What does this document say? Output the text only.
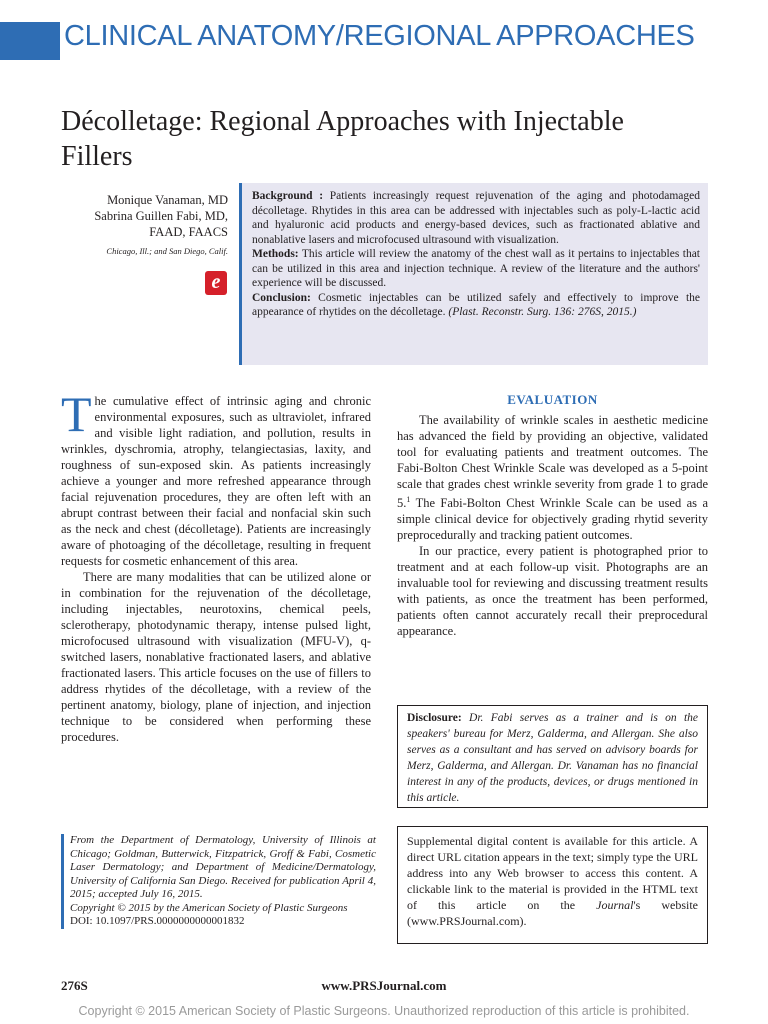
CLINICAL ANATOMY/REGIONAL APPROACHES
Décolletage: Regional Approaches with Injectable Fillers
Monique Vanaman, MD
Sabrina Guillen Fabi, MD,
FAAD, FAACS
Chicago, Ill.; and San Diego, Calif.
e

Background : Patients increasingly request rejuvenation of the aging and photodamaged décolletage. Rhytides in this area can be addressed with injectables such as poly-L-lactic acid and hyaluronic acid products and energy-based devices, such as fractionated ablative and nonablative lasers and microfocused ultrasound with visualization.

Methods: This article will review the anatomy of the chest wall as it pertains to injectables that can be utilized in this area and injection technique. A review of the literature and the authors' experience will be discussed.

Conclusion: Cosmetic injectables can be utilized safely and effectively to improve the appearance of rhytides on the décolletage. (Plast. Reconstr. Surg. 136: 276S, 2015.)

The cumulative effect of intrinsic aging and chronic environmental exposures, such as ultraviolet, infrared and visible light radiation, and pollution, results in wrinkles, dyschromia, atrophy, telangiectasias, laxity, and roughness of sun-exposed skin. As patients increasingly achieve a younger and more refreshed appearance through facial rejuvenation procedures, they are often left with an abrupt contrast between their facial and nonfacial skin such as the neck and chest (décolletage). Patients are increasingly aware of photoaging of the décolletage, resulting in frequent requests for cosmetic enhancement of this area.

There are many modalities that can be utilized alone or in combination for the rejuvenation of the décolletage, including injectables, neurotoxins, chemical peels, sclerotherapy, photodynamic therapy, intense pulsed light, microfocused ultrasound with visualization (MFU-V), q-switched lasers, nonablative fractionated lasers, and ablative fractionated lasers. This article focuses on the use of fillers to address rhytides of the décolletage, with a review of the pertinent anatomy, biology, plane of injection, and injection technique to be considered when performing these procedures.

EVALUATION

The availability of wrinkle scales in aesthetic medicine has advanced the field by providing an objective, validated tool for evaluating patients and treatment outcomes. The Fabi-Bolton Chest Wrinkle Scale was developed as a 5-point scale that grades chest wrinkle severity from grade 1 to grade 5.$^1$ The Fabi-Bolton Chest Wrinkle Scale can be used as a simple clinical device for objectively grading rhytid severity preprocedurally and tracking patient outcomes.

In our practice, every patient is photographed prior to treatment and at each follow-up visit. Photographs are an invaluable tool for reviewing and discussing treatment results with patients, as once the treatment has been performed, patients often cannot accurately recall their preprocedural appearance.

Disclosure: Dr. Fabi serves as a trainer and is on the speakers' bureau for Merz, Galderma, and Allergan. She also serves as a consultant and has served on advisory boards for Merz, Galderma, and Allergan. Dr. Vanaman has no financial interest in any of the products, devices, or drugs mentioned in this article.
Supplemental digital content is available for this article. A direct URL citation appears in the text; simply type the URL address into any Web browser to access this content. A clickable link to the material is provided in the HTML text of this article on the Journal's website (www.PRSJournal.com).
From the Department of Dermatology, University of Illinois at Chicago; Goldman, Butterwick, Fitzpatrick, Groff & Fabi, Cosmetic Laser Dermatology; and Department of Medicine/Dermatology, University of California San Diego. Received for publication April 4, 2015; accepted July 16, 2015.
Copyright © 2015 by the American Society of Plastic Surgeons
DOI: 10.1097/PRS.0000000000001832
276S	www.PRSJournal.com
Copyright © 2015 American Society of Plastic Surgeons. Unauthorized reproduction of this article is prohibited.
